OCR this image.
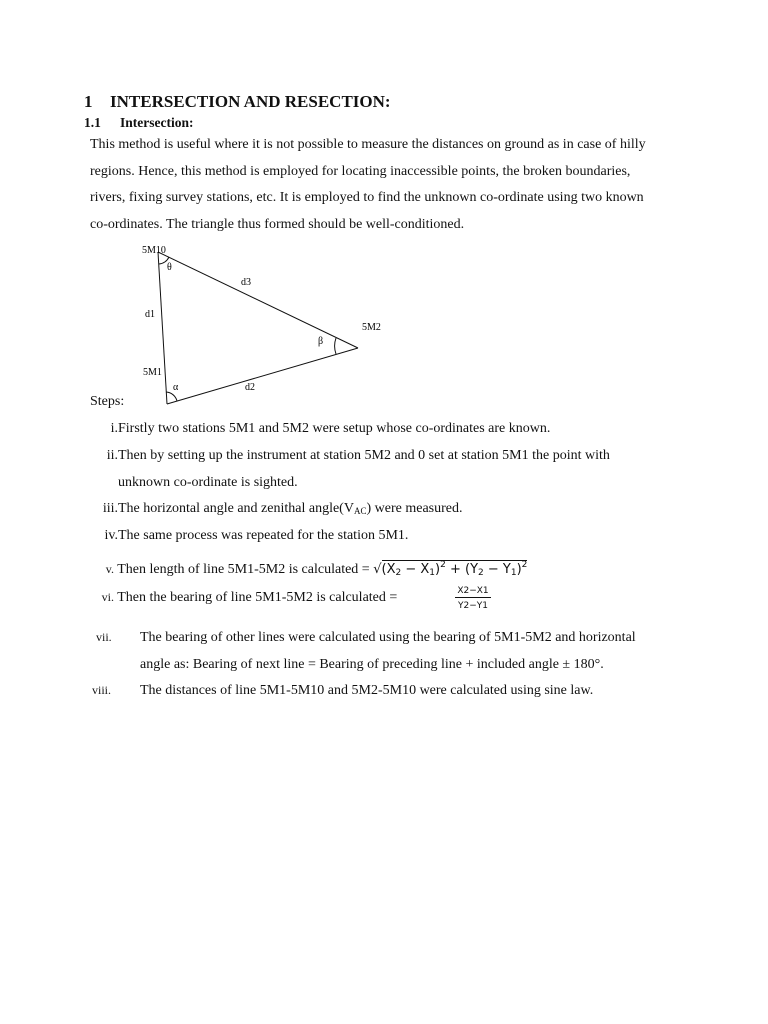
1 INTERSECTION AND RESECTION:
1.1 Intersection:
This method is useful where it is not possible to measure the distances on ground as in case of hilly
regions. Hence, this method is employed for locating inaccessible points, the broken boundaries,
rivers, fixing survey stations, etc. It is employed to find the unknown co-ordinate using two known
co-ordinates. The triangle thus formed should be well-conditioned.
5M10
5M1
5M2
d1
d3
d2
θ
α
β
Steps:
i.Firstly two stations 5M1 and 5M2 were setup whose co-ordinates are known.
ii.Then by setting up the instrument at station 5M2 and 0 set at station 5M1 the point with
unknown co-ordinate is sighted.
iii.The horizontal angle and zenithal $angle(V_{AC})$ were measured.
iv.The same process was repeated for the station 5M1.
v. Then length of line 5M1-5M2 is calculated = $√(X_2 - X_1)^2 + (Y_2 - Y_1)^2$
vi. Then the bearing of line 5M1-5M2 is calculated =	$\frac{X2-X1}{Y2-Y1}$
vii. The bearing of other lines were calculated using the bearing of 5M1-5M2 and horizontal
angle as: Bearing of next line = Bearing of preceding line + included angle ± 180°.
viii. The distances of line 5M1-5M10 and 5M2-5M10 were calculated using sine law.
